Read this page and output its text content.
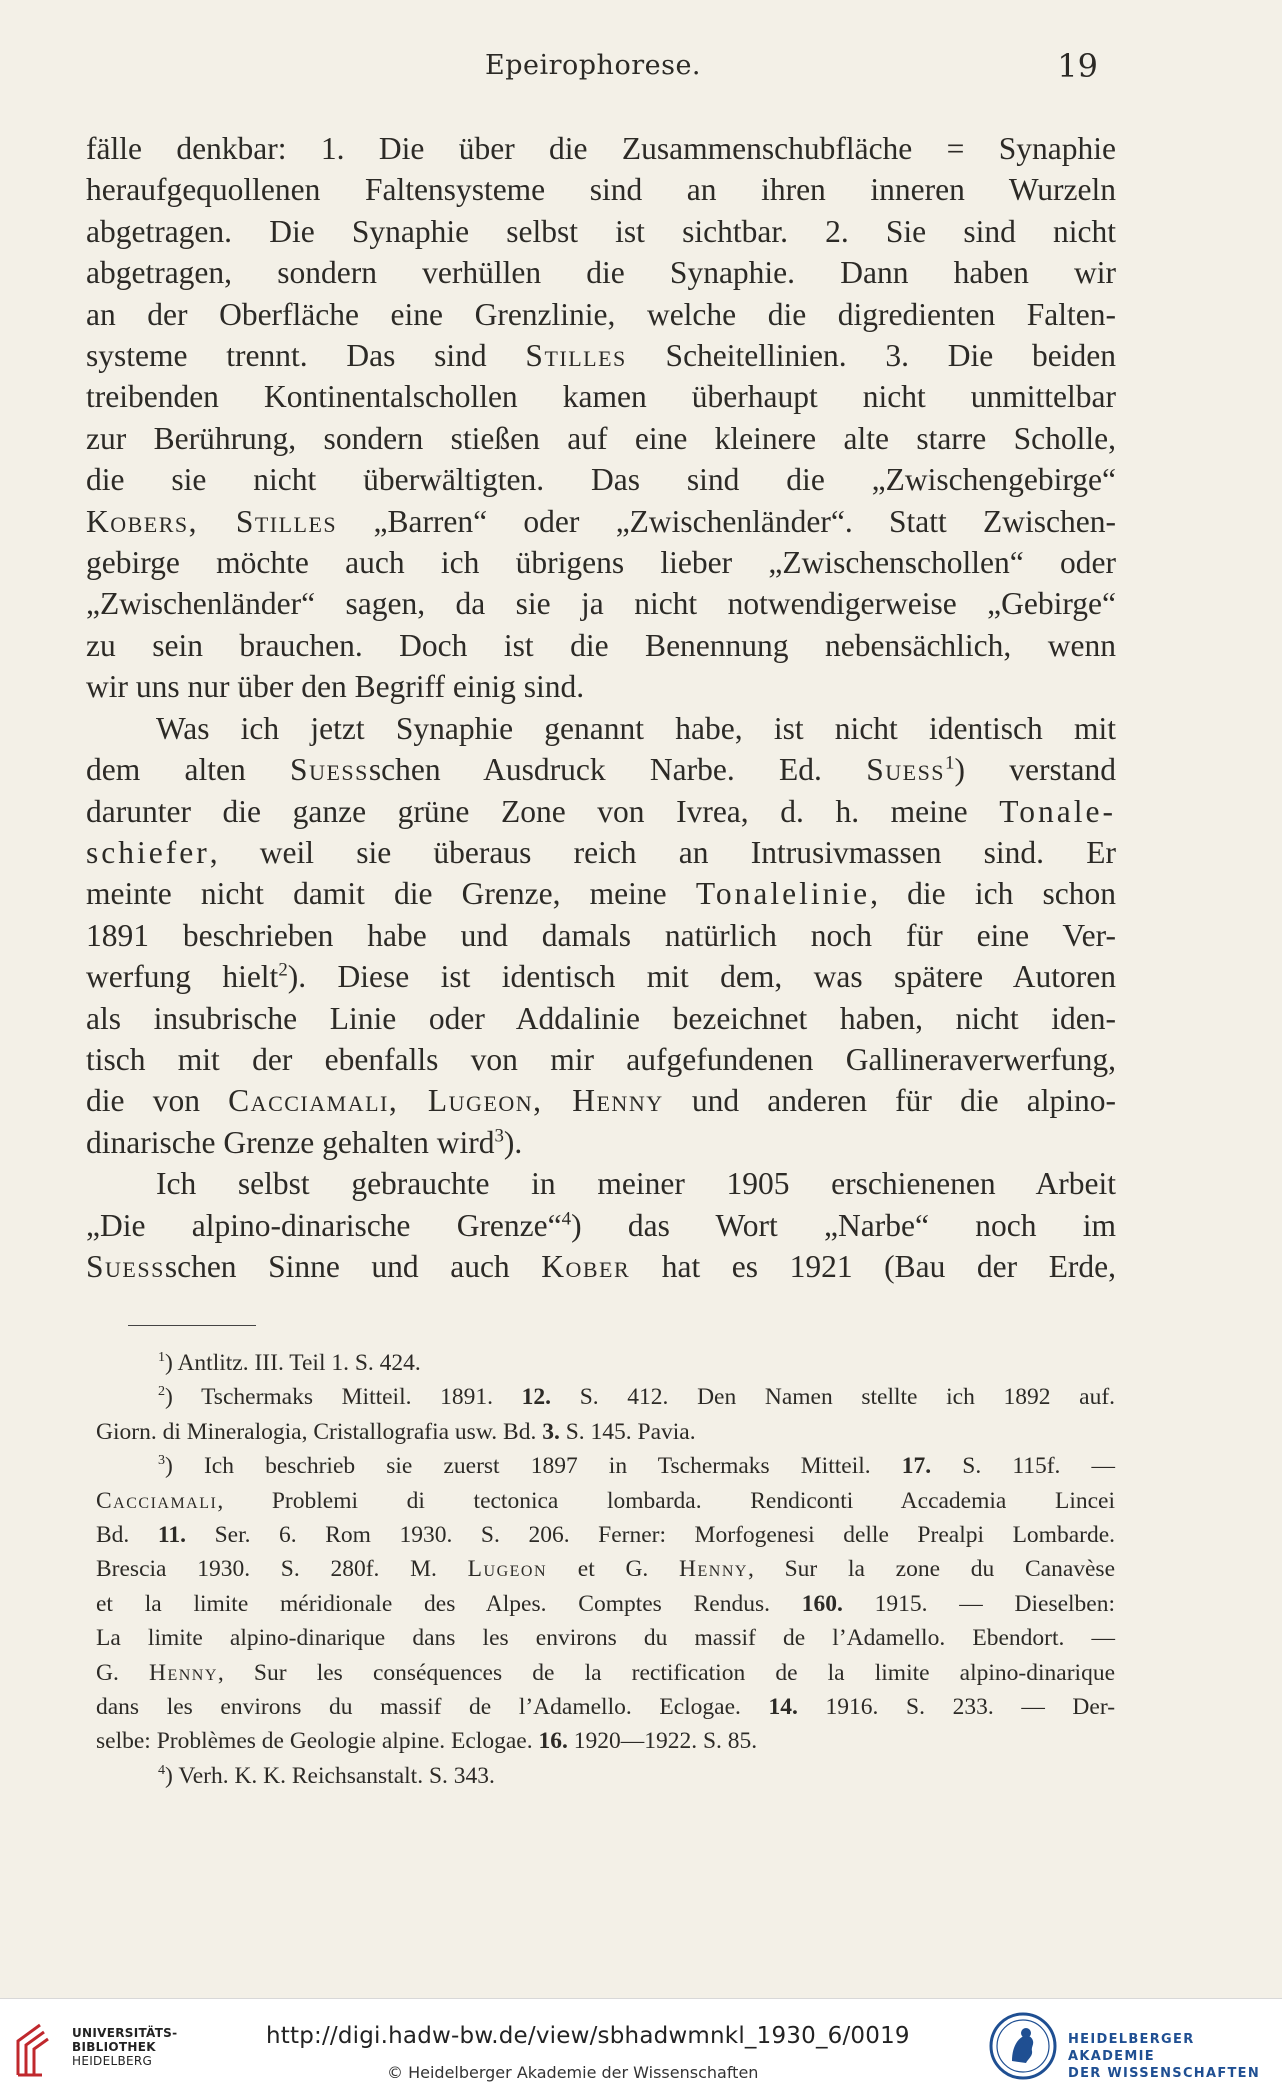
Epeirophorese.	19
fälle denkbar: 1. Die über die Zusammenschubfläche = Synaphie
heraufgequollenen Faltensysteme sind an ihren inneren Wurzeln
abgetragen. Die Synaphie selbst ist sichtbar. 2. Sie sind nicht
abgetragen, sondern verhüllen die Synaphie. Dann haben wir
an der Oberfläche eine Grenzlinie, welche die digredienten Falten-
systeme trennt. Das sind Stilles Scheitellinien. 3. Die beiden
treibenden Kontinentalschollen kamen überhaupt nicht unmittelbar
zur Berührung, sondern stießen auf eine kleinere alte starre Scholle,
die sie nicht überwältigten. Das sind die „Zwischengebirge“
Kobers, Stilles „Barren“ oder „Zwischenländer“. Statt Zwischen-
gebirge möchte auch ich übrigens lieber „Zwischenschollen“ oder
„Zwischenländer“ sagen, da sie ja nicht notwendigerweise „Gebirge“
zu sein brauchen. Doch ist die Benennung nebensächlich, wenn
wir uns nur über den Begriff einig sind.
Was ich jetzt Synaphie genannt habe, ist nicht identisch mit
dem alten Suessschen Ausdruck Narbe. Ed. Suess$^1$) verstand
darunter die ganze grüne Zone von Ivrea, d. h. meine Tonale-
schiefer, weil sie überaus reich an Intrusivmassen sind. Er
meinte nicht damit die Grenze, meine Tonalelinie, die ich schon
1891 beschrieben habe und damals natürlich noch für eine Ver-
werfung hielt$^2$). Diese ist identisch mit dem, was spätere Autoren
als insubrische Linie oder Addalinie bezeichnet haben, nicht iden-
tisch mit der ebenfalls von mir aufgefundenen Gallineraverwerfung,
die von Cacciamali, Lugeon, Henny und anderen für die alpino-
dinarische Grenze gehalten wird$^3$).
Ich selbst gebrauchte in meiner 1905 erschienenen Arbeit
„Die alpino-dinarische Grenze“$^4$) das Wort „Narbe“ noch im
Suessschen Sinne und auch Kober hat es 1921 (Bau der Erde,
$^1$) Antlitz. III. Teil 1. S. 424.
$^2$) Tschermaks Mitteil. 1891. 12. S. 412. Den Namen stellte ich 1892 auf.
Giorn. di Mineralogia, Cristallografia usw. Bd. 3. S. 145. Pavia.
$^3$) Ich beschrieb sie zuerst 1897 in Tschermaks Mitteil. 17. S. 115f. —
Cacciamali, Problemi di tectonica lombarda. Rendiconti Accademia Lincei
Bd. 11. Ser. 6. Rom 1930. S. 206. Ferner: Morfogenesi delle Prealpi Lombarde.
Brescia 1930. S. 280f. M. Lugeon et G. Henny, Sur la zone du Canavèse
et la limite méridionale des Alpes. Comptes Rendus. 160. 1915. — Dieselben:
La limite alpino-dinarique dans les environs du massif de l’Adamello. Ebendort. —
G. Henny, Sur les conséquences de la rectification de la limite alpino-dinarique
dans les environs du massif de l’Adamello. Eclogae. 14. 1916. S. 233. — Der-
selbe: Problèmes de Geologie alpine. Eclogae. 16. 1920—1922. S. 85.
$^4$) Verh. K. K. Reichsanstalt. S. 343.
UNIVERSITÄTS-
BIBLIOTHEK
HEIDELBERG
http://digi.hadw-bw.de/view/sbhadwmnkl_1930_6/0019
© Heidelberger Akademie der Wissenschaften
HEIDELBERGER AKADEMIE
DER WISSENSCHAFTEN
